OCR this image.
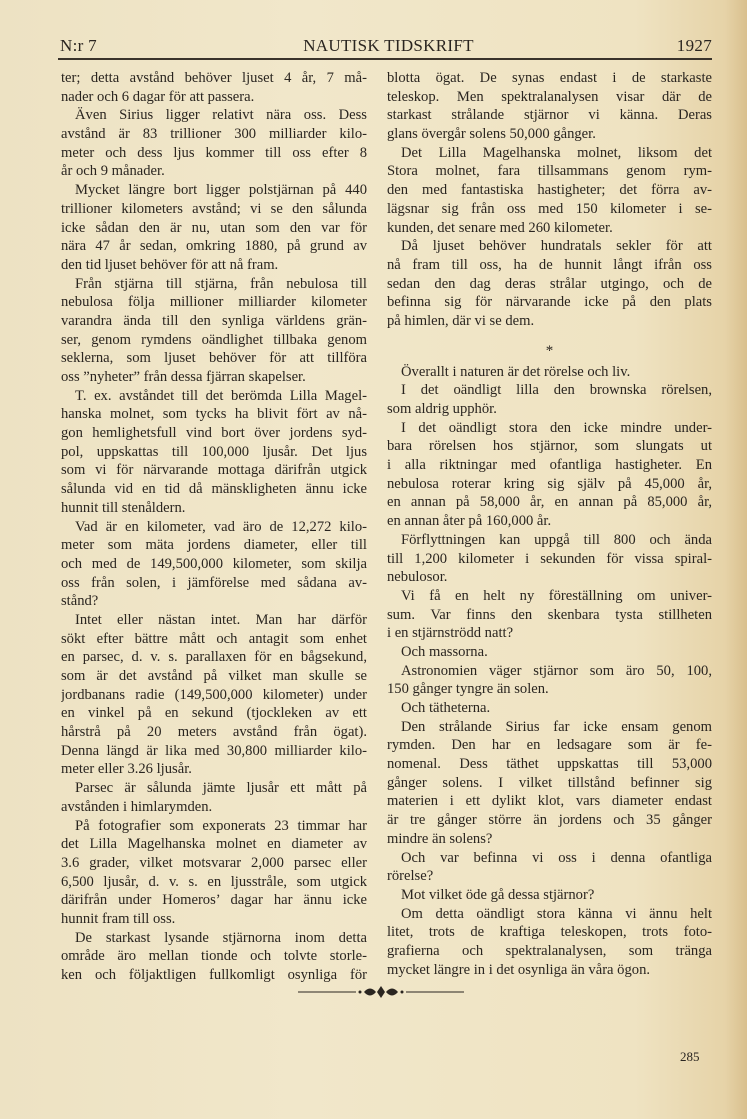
N:r 7	NAUTISK TIDSKRIFT	1927
ter; detta avstånd behöver ljuset 4 år, 7 må-
nader och 6 dagar för att passera.
Även Sirius ligger relativt nära oss. Dess
avstånd är 83 trillioner 300 milliarder kilo-
meter och dess ljus kommer till oss efter 8
år och 9 månader.
Mycket längre bort ligger polstjärnan på 440
trillioner kilometers avstånd; vi se den sålunda
icke sådan den är nu, utan som den var för
nära 47 år sedan, omkring 1880, på grund av
den tid ljuset behöver för att nå fram.
Från stjärna till stjärna, från nebulosa till
nebulosa följa millioner milliarder kilometer
varandra ända till den synliga världens grän-
ser, genom rymdens oändlighet tillbaka genom
seklerna, som ljuset behöver för att tillföra
oss ”nyheter” från dessa fjärran skapelser.
T. ex. avståndet till det berömda Lilla Magel-
hanska molnet, som tycks ha blivit fört av nå-
gon hemlighetsfull vind bort över jordens syd-
pol, uppskattas till 100,000 ljusår. Det ljus
som vi för närvarande mottaga därifrån utgick
sålunda vid en tid då mänskligheten ännu icke
hunnit till stenåldern.
Vad är en kilometer, vad äro de 12,272 kilo-
meter som mäta jordens diameter, eller till
och med de 149,500,000 kilometer, som skilja
oss från solen, i jämförelse med sådana av-
stånd?
Intet eller nästan intet. Man har därför
sökt efter bättre mått och antagit som enhet
en parsec, d. v. s. parallaxen för en bågsekund,
som är det avstånd på vilket man skulle se
jordbanans radie (149,500,000 kilometer) under
en vinkel på en sekund (tjockleken av ett
hårstrå på 20 meters avstånd från ögat).
Denna längd är lika med 30,800 milliarder kilo-
meter eller 3.26 ljusår.
Parsec är sålunda jämte ljusår ett mått på
avstånden i himlarymden.
På fotografier som exponerats 23 timmar har
det Lilla Magelhanska molnet en diameter av
3.6 grader, vilket motsvarar 2,000 parsec eller
6,500 ljusår, d. v. s. en ljusstråle, som utgick
därifrån under Homeros’ dagar har ännu icke
hunnit fram till oss.
De starkast lysande stjärnorna inom detta
område äro mellan tionde och tolvte storle-
ken och följaktligen fullkomligt osynliga för
blotta ögat. De synas endast i de starkaste
teleskop. Men spektralanalysen visar där de
starkast strålande stjärnor vi känna. Deras
glans övergår solens 50,000 gånger.
Det Lilla Magelhanska molnet, liksom det
Stora molnet, fara tillsammans genom rym-
den med fantastiska hastigheter; det förra av-
lägsnar sig från oss med 150 kilometer i se-
kunden, det senare med 260 kilometer.
Då ljuset behöver hundratals sekler för att
nå fram till oss, ha de hunnit långt ifrån oss
sedan den dag deras strålar utgingo, och de
befinna sig för närvarande icke på den plats
på himlen, där vi se dem.
*
Överallt i naturen är det rörelse och liv.
I det oändligt lilla den brownska rörelsen,
som aldrig upphör.
I det oändligt stora den icke mindre under-
bara rörelsen hos stjärnor, som slungats ut
i alla riktningar med ofantliga hastigheter. En
nebulosa roterar kring sig själv på 45,000 år,
en annan på 58,000 år, en annan på 85,000 år,
en annan åter på 160,000 år.
Förflyttningen kan uppgå till 800 och ända
till 1,200 kilometer i sekunden för vissa spiral-
nebulosor.
Vi få en helt ny föreställning om univer-
sum. Var finns den skenbara tysta stillheten
i en stjärnströdd natt?
Och massorna.
Astronomien väger stjärnor som äro 50, 100,
150 gånger tyngre än solen.
Och tätheterna.
Den strålande Sirius far icke ensam genom
rymden. Den har en ledsagare som är fe-
nomenal. Dess täthet uppskattas till 53,000
gånger solens. I vilket tillstånd befinner sig
materien i ett dylikt klot, vars diameter endast
är tre gånger större än jordens och 35 gånger
mindre än solens?
Och var befinna vi oss i denna ofantliga
rörelse?
Mot vilket öde gå dessa stjärnor?
Om detta oändligt stora känna vi ännu helt
litet, trots de kraftiga teleskopen, trots foto-
grafierna och spektralanalysen, som tränga
mycket längre in i det osynliga än våra ögon.
285
